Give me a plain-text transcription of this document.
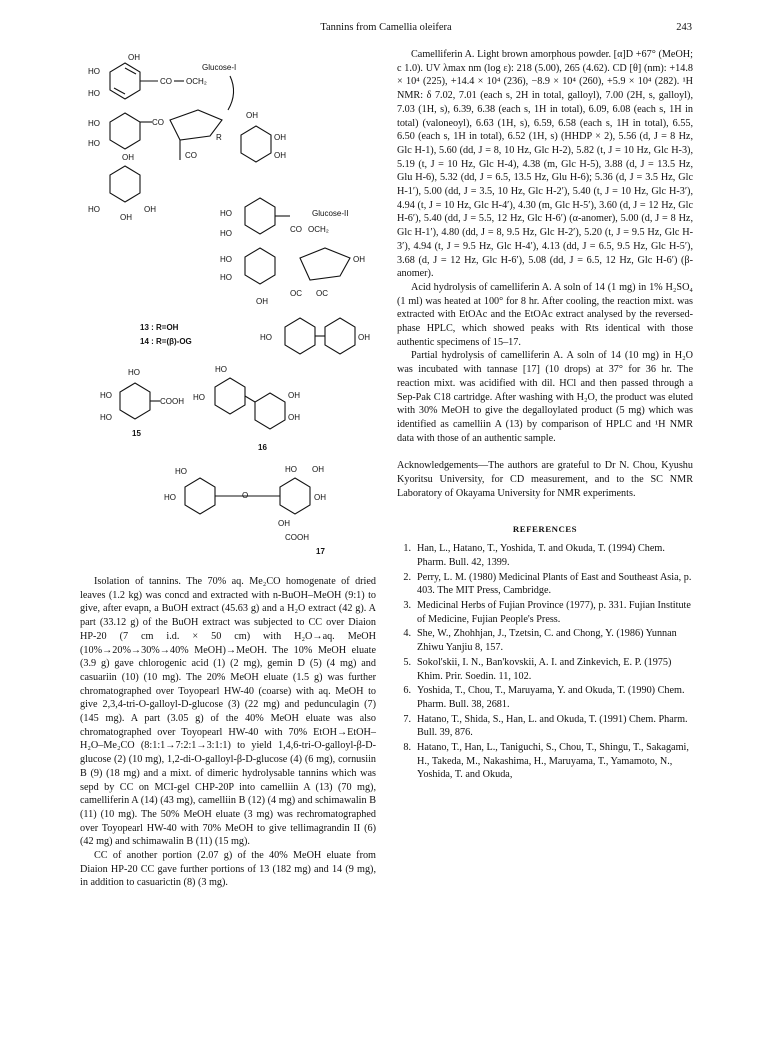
Tannins from Camellia oleifera	243
OH
HO
HO
CO OCH₂
Glucose-I
HO
HO
OH
CO
R
CO
OH
OH
OH
HO	OH
OH	Glucose-II
HO
HO
HO
HO
OH
CO OCH₂
OH
OC OC
13 : R=OH
14 : R=(β)-OG	HO	OH
HO
HO
HO
COOH
15
HO
HO	OH
OH
16
O
HO
HO
HO OH
OH
OH
COOH
17

Isolation of tannins. The 70% aq. Me₂CO homogenate of dried leaves (1.2 kg) was concd and extracted with n-BuOH–MeOH (9:1) to give, after evapn, a BuOH extract (45.63 g) and a H₂O extract (42 g). A part (33.12 g) of the BuOH extract was subjected to CC over Diaion HP-20 (7 cm i.d. × 50 cm) with H₂O→aq. MeOH (10%→20%→30%→40% MeOH)→MeOH. The 10% MeOH eluate (3.9 g) gave chlorogenic acid (1) (2 mg), gemin D (5) (4 mg) and casuariin (10) (10 mg). The 20% MeOH eluate (1.5 g) was further chromatographed over Toyopearl HW-40 (coarse) with aq. MeOH to give 2,3,4-tri-O-galloyl-D-glucose (3) (22 mg) and pedunculagin (7) (145 mg). A part (3.05 g) of the 40% MeOH eluate was also chromatographed over Toyopearl HW-40 with 70% EtOH→EtOH–H₂O–Me₂CO (8:1:1→7:2:1→3:1:1) to yield 1,4,6-tri-O-galloyl-β-D-glucose (2) (10 mg), 1,2-di-O-galloyl-β-D-glucose (4) (6 mg), cornusiin B (9) (18 mg) and a mixt. of dimeric hydrolysable tannins which was sepd by CC on MCI-gel CHP-20P into camelliin A (13) (70 mg), camelliferin A (14) (43 mg), camelliin B (12) (4 mg) and schimawalin B (11) (10 mg). The 50% MeOH eluate (3 mg) was rechromatographed over Toyopearl HW-40 with 70% MeOH to give tellimagrandin II (6) (42 mg) and schimawalin B (11) (15 mg).

CC of another portion (2.07 g) of the 40% MeOH eluate from Diaion HP-20 CC gave further portions of 13 (182 mg) and 14 (9 mg), in addition to casuarictin (8) (3 mg).

Camelliferin A. Light brown amorphous powder. [α]D +67° (MeOH; c 1.0). UV λmax nm (log ε): 218 (5.00), 265 (4.62). CD [θ] (nm): +14.8 × 10⁴ (225), +14.4 × 10⁴ (236), −8.9 × 10⁴ (260), +5.9 × 10⁴ (282). ¹H NMR: δ 7.02, 7.01 (each s, 2H in total, galloyl), 7.00 (2H, s, galloyl), 7.03 (1H, s), 6.39, 6.38 (each s, 1H in total), 6.09, 6.08 (each s, 1H in total) (valoneoyl), 6.63 (1H, s), 6.59, 6.58 (each s, 1H in total), 6.55, 6.50 (each s, 1H in total), 6.52 (1H, s) (HHDP × 2), 5.56 (d, J = 8 Hz, Glc H-1), 5.60 (dd, J = 8, 10 Hz, Glc H-2), 5.82 (t, J = 10 Hz, Glc H-3), 5.19 (t, J = 10 Hz, Glc H-4), 4.38 (m, Glc H-5), 3.88 (d, J = 13.5 Hz, Glu H-6), 5.32 (dd, J = 6.5, 13.5 Hz, Glu H-6); 5.36 (d, J = 3.5 Hz, Glc H-1′), 5.00 (dd, J = 3.5, 10 Hz, Glc H-2′), 5.40 (t, J = 10 Hz, Glc H-3′), 4.94 (t, J = 10 Hz, Glc H-4′), 4.30 (m, Glc H-5′), 3.60 (d, J = 12 Hz, Glc H-6′), 5.40 (dd, J = 5.5, 12 Hz, Glc H-6′) (α-anomer), 5.00 (d, J = 8 Hz, Glc H-1′), 4.80 (dd, J = 8, 9.5 Hz, Glc H-2′), 5.20 (t, J = 9.5 Hz, Glc H-3′), 4.94 (t, J = 9.5 Hz, Glc H-4′), 4.13 (dd, J = 6.5, 9.5 Hz, Glc H-5′), 3.68 (d, J = 12 Hz, Glc H-6′), 5.08 (dd, J = 6.5, 12 Hz, Glc H-6′) (β-anomer).

Acid hydrolysis of camelliferin A. A soln of 14 (1 mg) in 1% H₂SO₄ (1 ml) was heated at 100° for 8 hr. After cooling, the reaction mixt. was extracted with EtOAc and the EtOAc extract analysed by the reversed-phase HPLC, which showed peaks with Rts identical with those authentic specimens of 15–17.

Partial hydrolysis of camelliferin A. A soln of 14 (10 mg) in H₂O was incubated with tannase [17] (10 drops) at 37° for 36 hr. The reaction mixt. was acidified with dil. HCl and then passed through a Sep-Pak C18 cartridge. After washing with H₂O, the product was eluted with 30% MeOH to give the degalloylated product (5 mg) which was identified as camelliin A (13) by comparison of HPLC and ¹H NMR data with those of an authentic sample.

Acknowledgements—The authors are grateful to Dr N. Chou, Kyushu Kyoritsu University, for CD measurement, and to the SC NMR Laboratory of Okayama University for NMR experiments.

REFERENCES
1. Han, L., Hatano, T., Yoshida, T. and Okuda, T. (1994) Chem. Pharm. Bull. 42, 1399.
2. Perry, L. M. (1980) Medicinal Plants of East and Southeast Asia, p. 403. The MIT Press, Cambridge.
3. Medicinal Herbs of Fujian Province (1977), p. 331. Fujian Institute of Medicine, Fujian People's Press.
4. She, W., Zhohhjan, J., Tzetsin, C. and Chong, Y. (1986) Yunnan Zhiwu Yanjiu 8, 157.
5. Sokol'skii, I. N., Ban'kovskii, A. I. and Zinkevich, E. P. (1975) Khim. Prir. Soedin. 11, 102.
6. Yoshida, T., Chou, T., Maruyama, Y. and Okuda, T. (1990) Chem. Pharm. Bull. 38, 2681.
7. Hatano, T., Shida, S., Han, L. and Okuda, T. (1991) Chem. Pharm. Bull. 39, 876.
8. Hatano, T., Han, L., Taniguchi, S., Chou, T., Shingu, T., Sakagami, H., Takeda, M., Nakashima, H., Maruyama, T., Yamamoto, N., Yoshida, T. and Okuda,
